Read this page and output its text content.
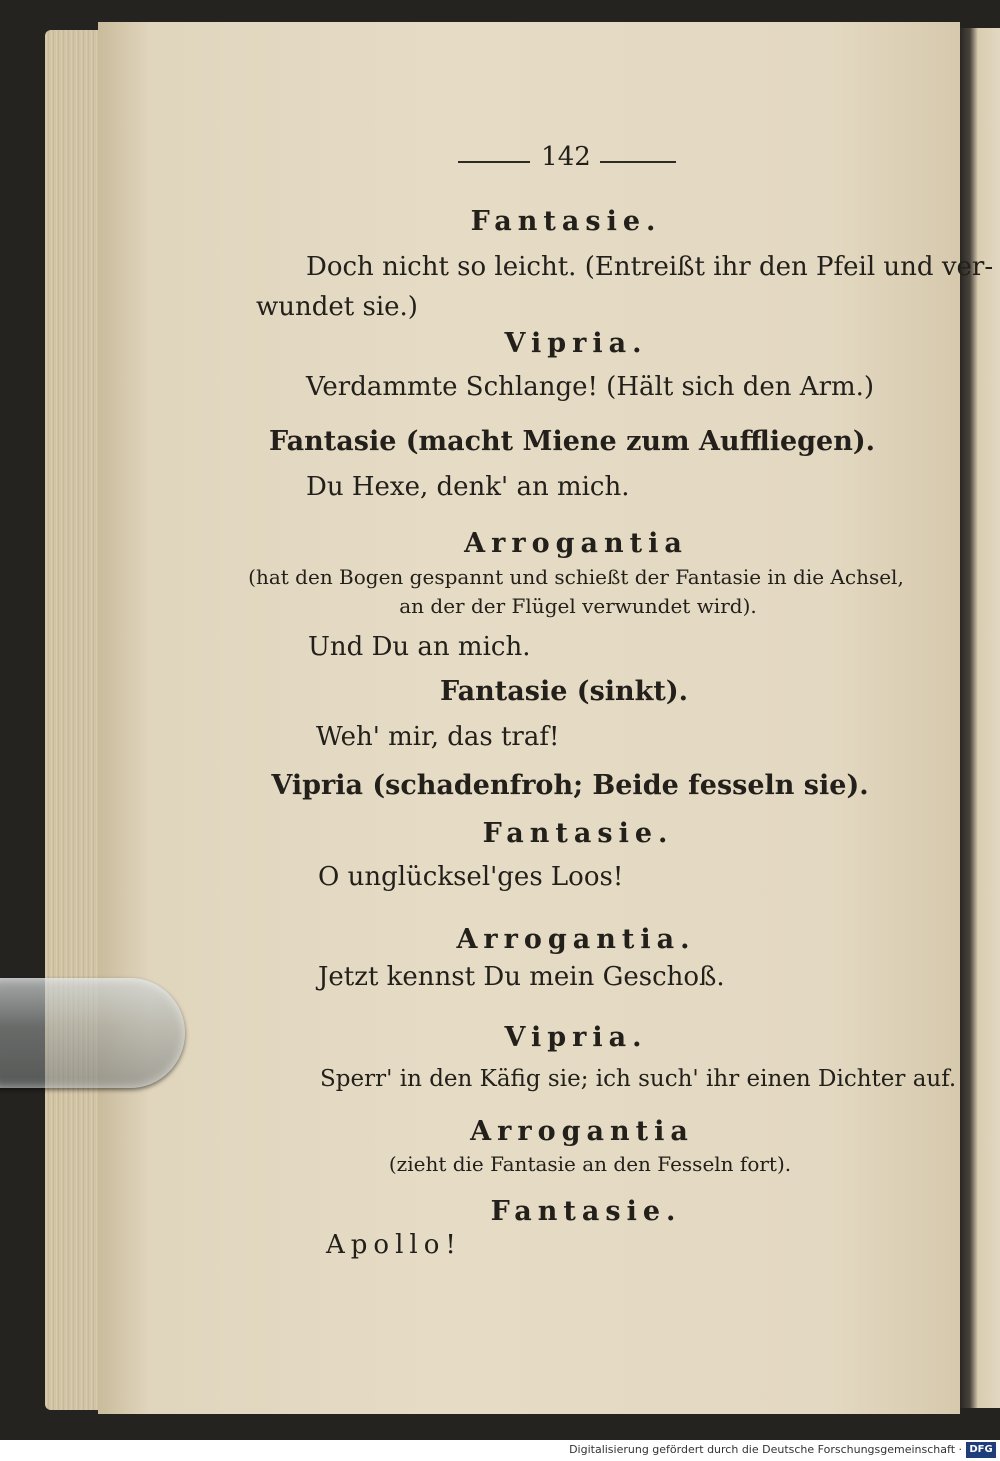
142
Fantasie.
Doch nicht so leicht. (Entreißt ihr den Pfeil und ver-
wundet sie.)
Vipria.
Verdammte Schlange! (Hält sich den Arm.)
Fantasie (macht Miene zum Auffliegen).
Du Hexe, denk' an mich.
Arrogantia
(hat den Bogen gespannt und schießt der Fantasie in die Achsel,
an der der Flügel verwundet wird).
Und Du an mich.
Fantasie (sinkt).
Weh' mir, das traf!
Vipria (schadenfroh; Beide fesseln sie).
Fantasie.
O unglücksel'ges Loos!
Arrogantia.
Jetzt kennst Du mein Geschoß.
Vipria.
Sperr' in den Käfig sie; ich such' ihr einen Dichter auf.
Arrogantia
(zieht die Fantasie an den Fesseln fort).
Fantasie.
Apollo!
Digitalisierung gefördert durch die Deutsche Forschungsgemeinschaft · DFG
